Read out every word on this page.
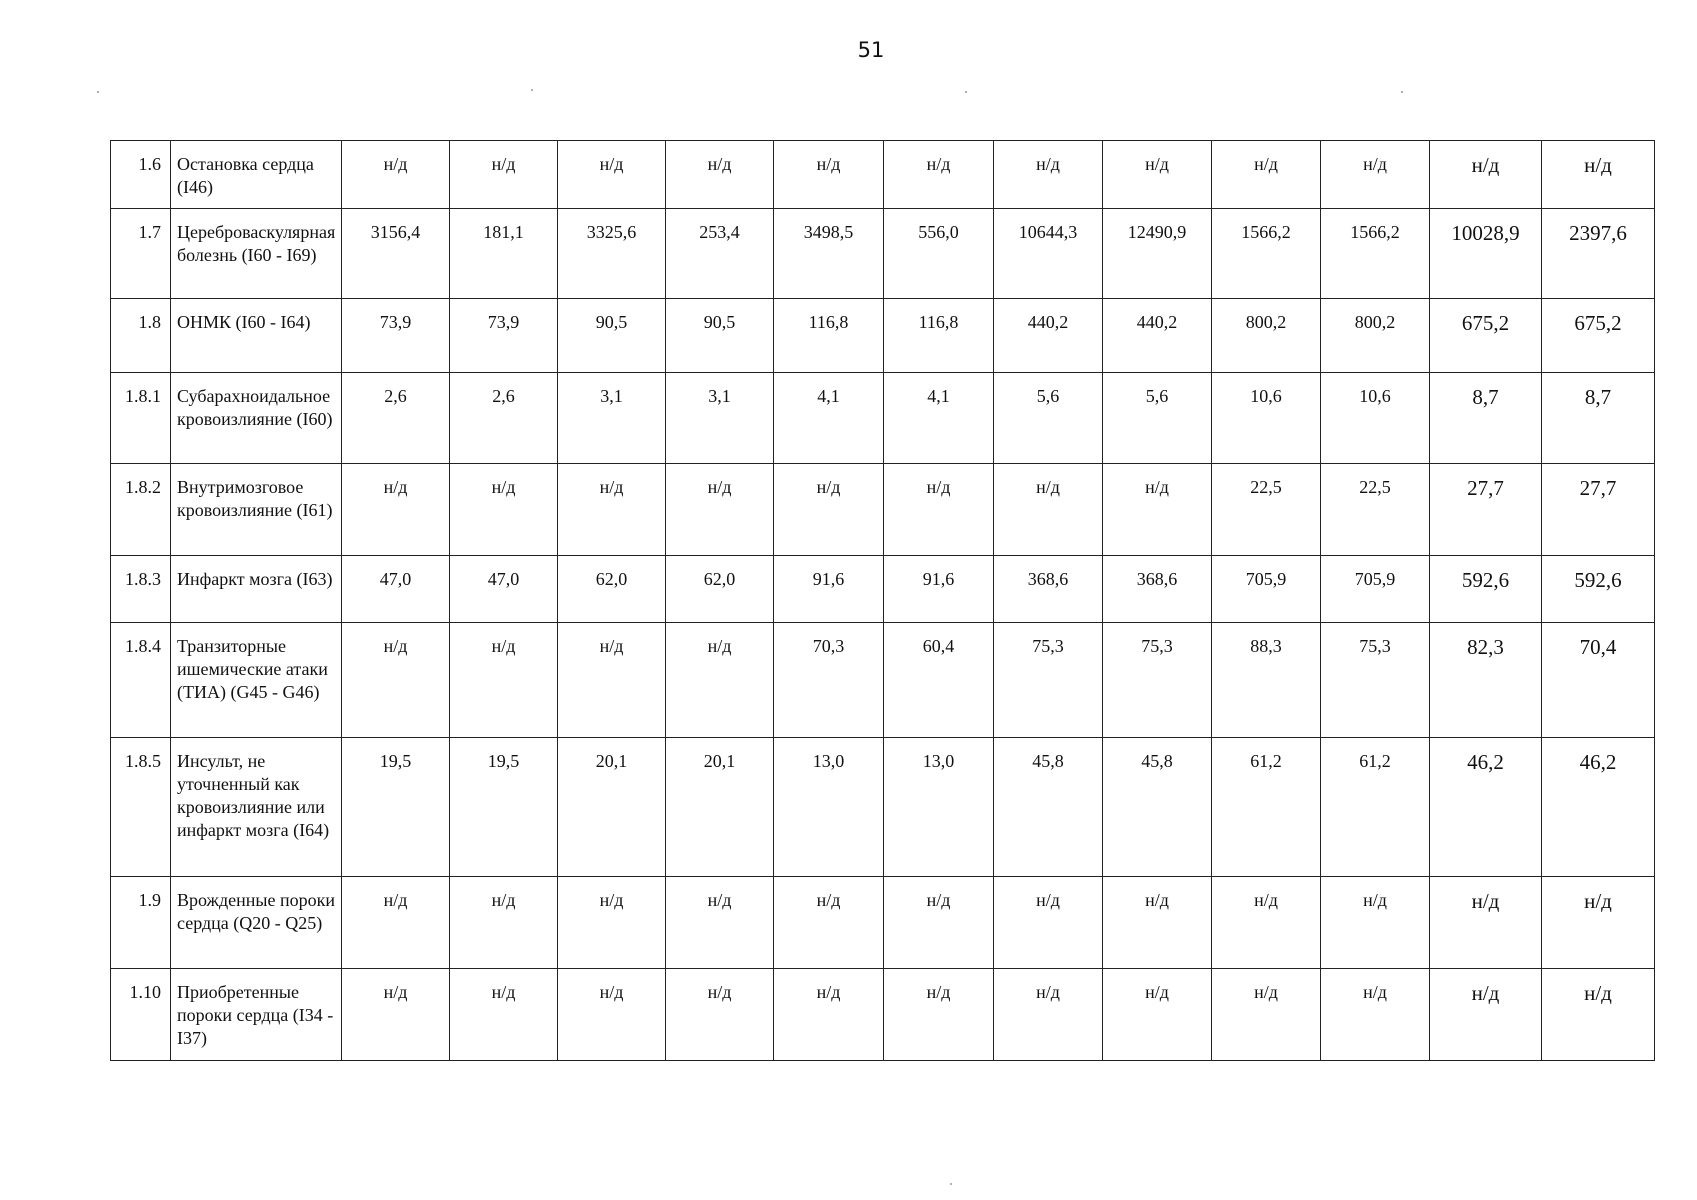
51
1.6	Остановка сердца (I46)	н/д	н/д	н/д	н/д	н/д	н/д	н/д	н/д	н/д	н/д	н/д	н/д
1.7	Цереброваскулярная болезнь (I60 - I69)	3156,4	181,1	3325,6	253,4	3498,5	556,0	10644,3	12490,9	1566,2	1566,2	10028,9	2397,6
1.8	ОНМК (I60 - I64)	73,9	73,9	90,5	90,5	116,8	116,8	440,2	440,2	800,2	800,2	675,2	675,2
1.8.1	Субарахноидальное кровоизлияние (I60)	2,6	2,6	3,1	3,1	4,1	4,1	5,6	5,6	10,6	10,6	8,7	8,7
1.8.2	Внутримозговое кровоизлияние (I61)	н/д	н/д	н/д	н/д	н/д	н/д	н/д	н/д	22,5	22,5	27,7	27,7
1.8.3	Инфаркт мозга (I63)	47,0	47,0	62,0	62,0	91,6	91,6	368,6	368,6	705,9	705,9	592,6	592,6
1.8.4	Транзиторные ишемические атаки (ТИА) (G45 - G46)	н/д	н/д	н/д	н/д	70,3	60,4	75,3	75,3	88,3	75,3	82,3	70,4
1.8.5	Инсульт, не уточненный как кровоизлияние или инфаркт мозга (I64)	19,5	19,5	20,1	20,1	13,0	13,0	45,8	45,8	61,2	61,2	46,2	46,2
1.9	Врожденные пороки сердца (Q20 - Q25)	н/д	н/д	н/д	н/д	н/д	н/д	н/д	н/д	н/д	н/д	н/д	н/д
1.10	Приобретенные пороки сердца (I34 - I37)	н/д	н/д	н/д	н/д	н/д	н/д	н/д	н/д	н/д	н/д	н/д	н/д
